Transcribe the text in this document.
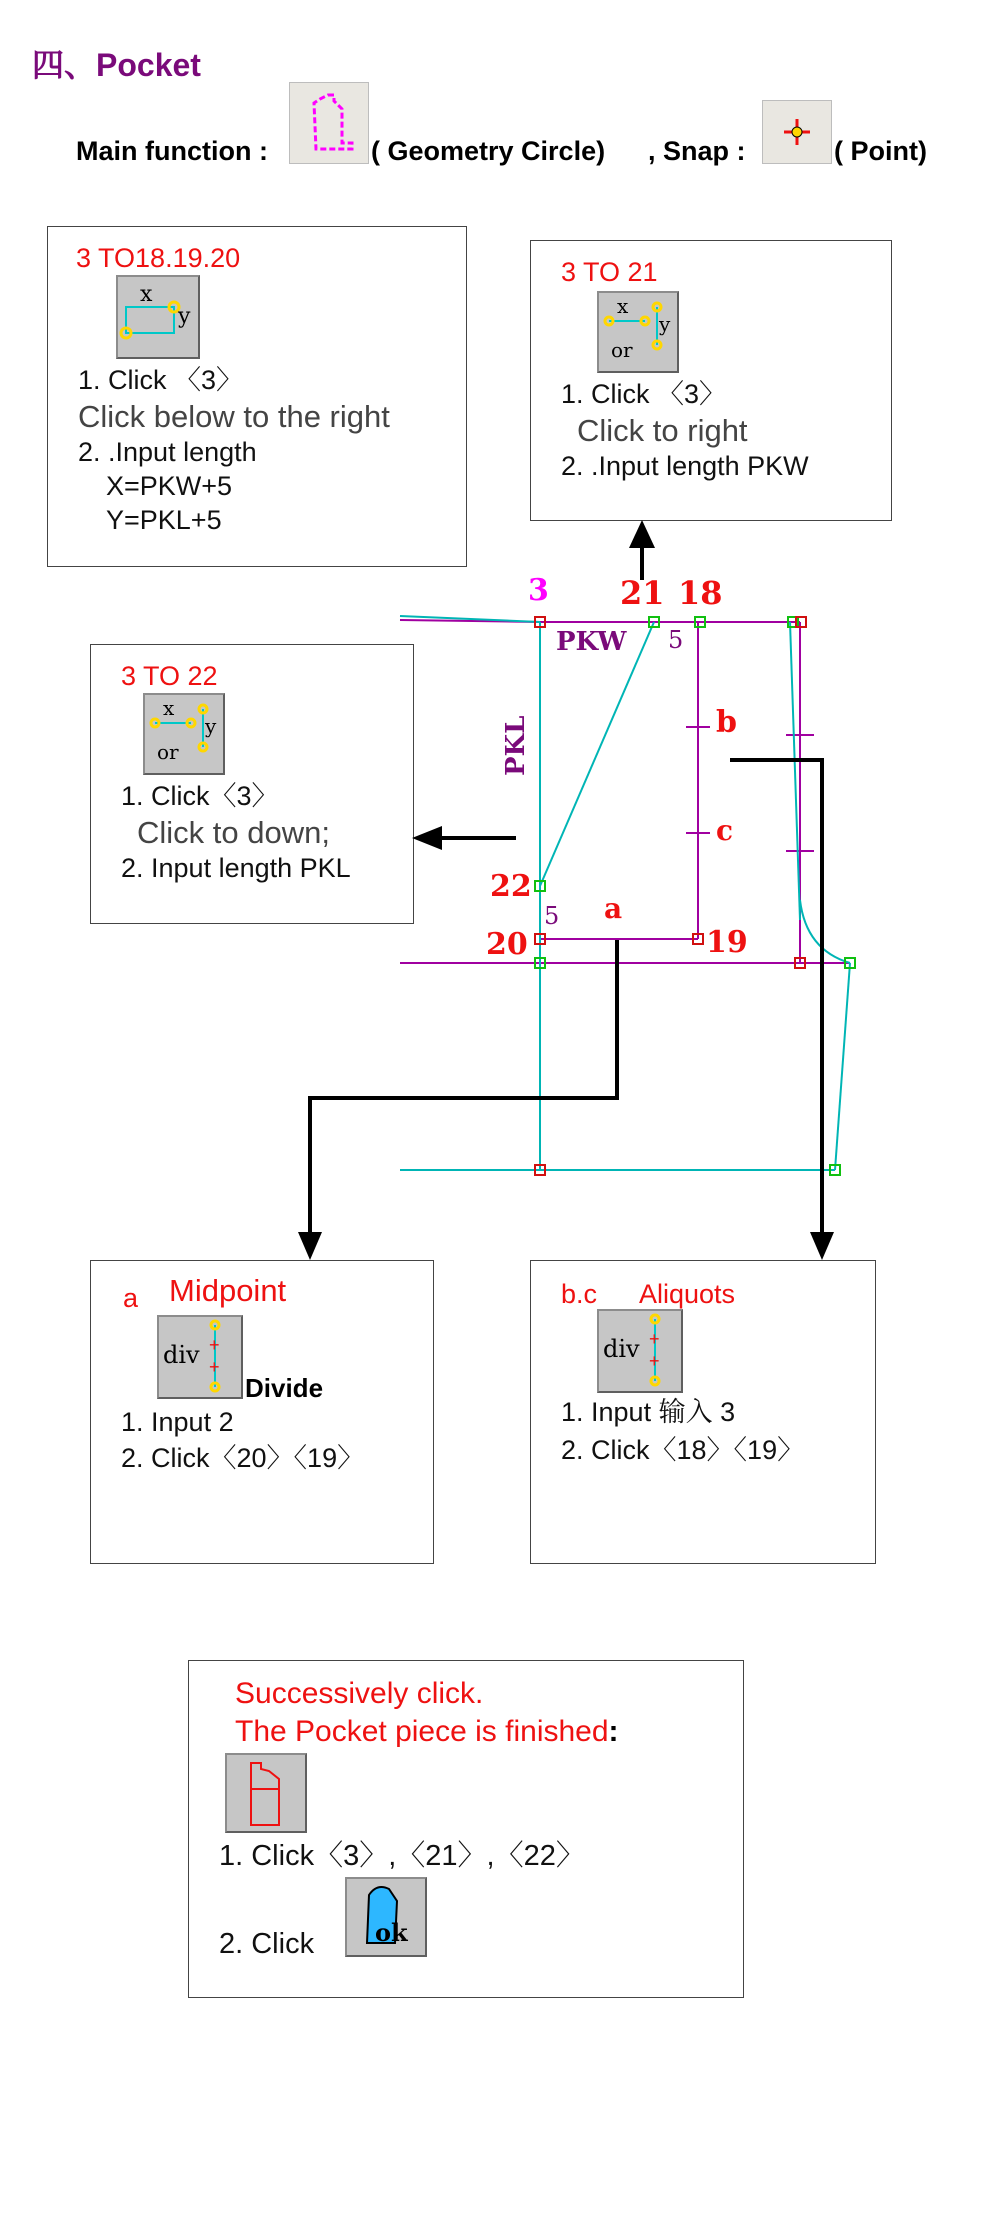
四、Pocket
Main function :	( Geometry Circle) , Snap :	( Point)
3 TO18.19.20
x
y
1. Click 〈3〉
Click below to the right
2. .Input length
X=PKW+5
Y=PKL+5
3 TO 21
x
y
or
1. Click 〈3〉
Click to right
2. .Input length PKW
3 TO 22
x
y
or
1. Click〈3〉
Click to down;
2. Input length PKL
3 21 18
PKW 5
PKL	b
c
22
5 a
20	19
a Midpoint
div +
+
Divide
1. Input 2
2. Click〈20〉〈19〉
b.c Aliquots
div +
+
1. Input 输入 3
2. Click〈18〉〈19〉
Successively click.
The Pocket piece is finished:
1. Click〈3〉,〈21〉,〈22〉
2. Click	ok
